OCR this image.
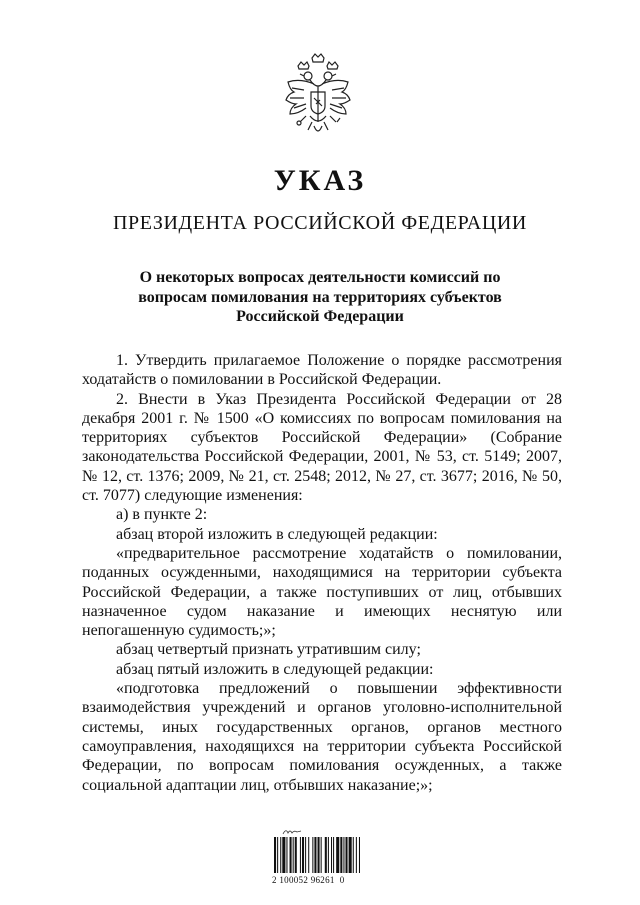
УКАЗ
ПРЕЗИДЕНТА РОССИЙСКОЙ ФЕДЕРАЦИИ
О некоторых вопросах деятельности комиссий по вопросам помилования на территориях субъектов Российской Федерации

1. Утвердить прилагаемое Положение о порядке рассмотрения ходатайств о помиловании в Российской Федерации.

2. Внести в Указ Президента Российской Федерации от 28 декабря 2001 г. № 1500 «О комиссиях по вопросам помилования на территориях субъектов Российской Федерации» (Собрание законодательства Российской Федерации, 2001, № 53, ст. 5149; 2007, № 12, ст. 1376; 2009, № 21, ст. 2548; 2012, № 27, ст. 3677; 2016, № 50, ст. 7077) следующие изменения:

а) в пункте 2:

абзац второй изложить в следующей редакции:

«предварительное рассмотрение ходатайств о помиловании, поданных осужденными, находящимися на территории субъекта Российской Федерации, а также поступивших от лиц, отбывших назначенное судом наказание и имеющих неснятую или непогашенную судимость;»;

абзац четвертый признать утратившим силу;

абзац пятый изложить в следующей редакции:

«подготовка предложений о повышении эффективности взаимодействия учреждений и органов уголовно-исполнительной системы, иных государственных органов, органов местного самоуправления, находящихся на территории субъекта Российской Федерации, по вопросам помилования осужденных, а также социальной адаптации лиц, отбывших наказание;»;

2 100052 96261  0
